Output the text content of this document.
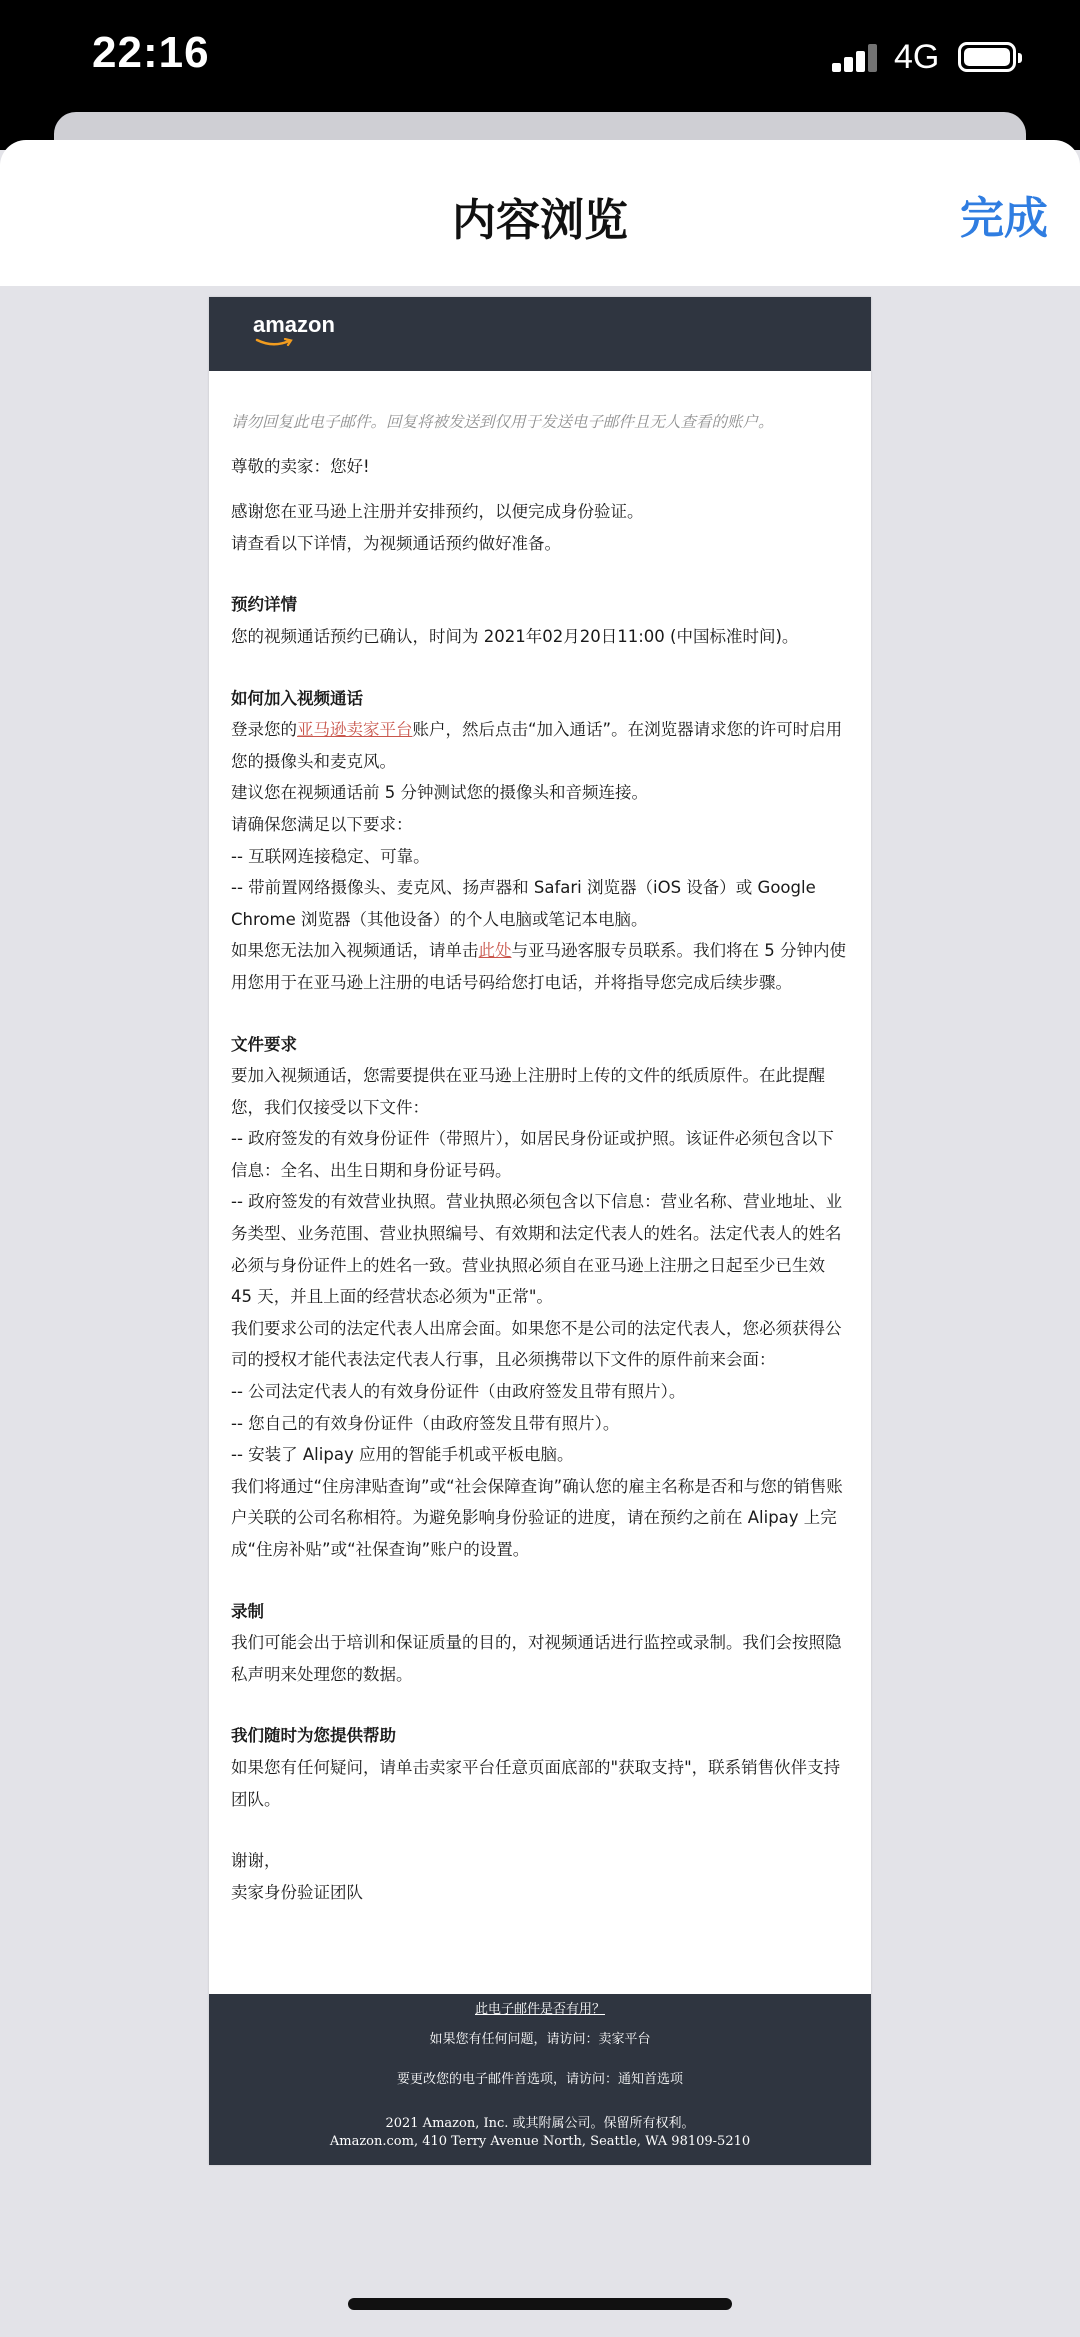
22:16	4G
内容浏览	完成
amazon

请勿回复此电子邮件。回复将被发送到仅用于发送电子邮件且无人查看的账户。

尊敬的卖家：您好!

感谢您在亚马逊上注册并安排预约，以便完成身份验证。

请查看以下详情，为视频通话预约做好准备。

预约详情

您的视频通话预约已确认，时间为 2021年02月20日11:00 (中国标准时间)。

如何加入视频通话

登录您的亚马逊卖家平台账户，然后点击“加入通话”。在浏览器请求您的许可时启用您的摄像头和麦克风。

建议您在视频通话前 5 分钟测试您的摄像头和音频连接。

请确保您满足以下要求：

-- 互联网连接稳定、可靠。

-- 带前置网络摄像头、麦克风、扬声器和 Safari 浏览器（iOS 设备）或 Google Chrome 浏览器（其他设备）的个人电脑或笔记本电脑。

如果您无法加入视频通话，请单击此处与亚马逊客服专员联系。我们将在 5 分钟内使用您用于在亚马逊上注册的电话号码给您打电话，并将指导您完成后续步骤。

文件要求

要加入视频通话，您需要提供在亚马逊上注册时上传的文件的纸质原件。在此提醒您，我们仅接受以下文件：

-- 政府签发的有效身份证件（带照片），如居民身份证或护照。该证件必须包含以下信息：全名、出生日期和身份证号码。

-- 政府签发的有效营业执照。营业执照必须包含以下信息：营业名称、营业地址、业务类型、业务范围、营业执照编号、有效期和法定代表人的姓名。法定代表人的姓名必须与身份证件上的姓名一致。营业执照必须自在亚马逊上注册之日起至少已生效 45 天，并且上面的经营状态必须为"正常"。

我们要求公司的法定代表人出席会面。如果您不是公司的法定代表人，您必须获得公司的授权才能代表法定代表人行事，且必须携带以下文件的原件前来会面：

-- 公司法定代表人的有效身份证件（由政府签发且带有照片）。

-- 您自己的有效身份证件（由政府签发且带有照片）。

-- 安装了 Alipay 应用的智能手机或平板电脑。

我们将通过“住房津贴查询”或“社会保障查询”确认您的雇主名称是否和与您的销售账户关联的公司名称相符。为避免影响身份验证的进度，请在预约之前在 Alipay 上完成“住房补贴”或“社保查询”账户的设置。

录制

我们可能会出于培训和保证质量的目的，对视频通话进行监控或录制。我们会按照隐私声明来处理您的数据。

我们随时为您提供帮助

如果您有任何疑问，请单击卖家平台任意页面底部的"获取支持"，联系销售伙伴支持团队。

谢谢，

卖家身份验证团队

此电子邮件是否有用？
如果您有任何问题，请访问：卖家平台
要更改您的电子邮件首选项，请访问：通知首选项
2021 Amazon, Inc. 或其附属公司。保留所有权利。
Amazon.com, 410 Terry Avenue North, Seattle, WA 98109-5210
